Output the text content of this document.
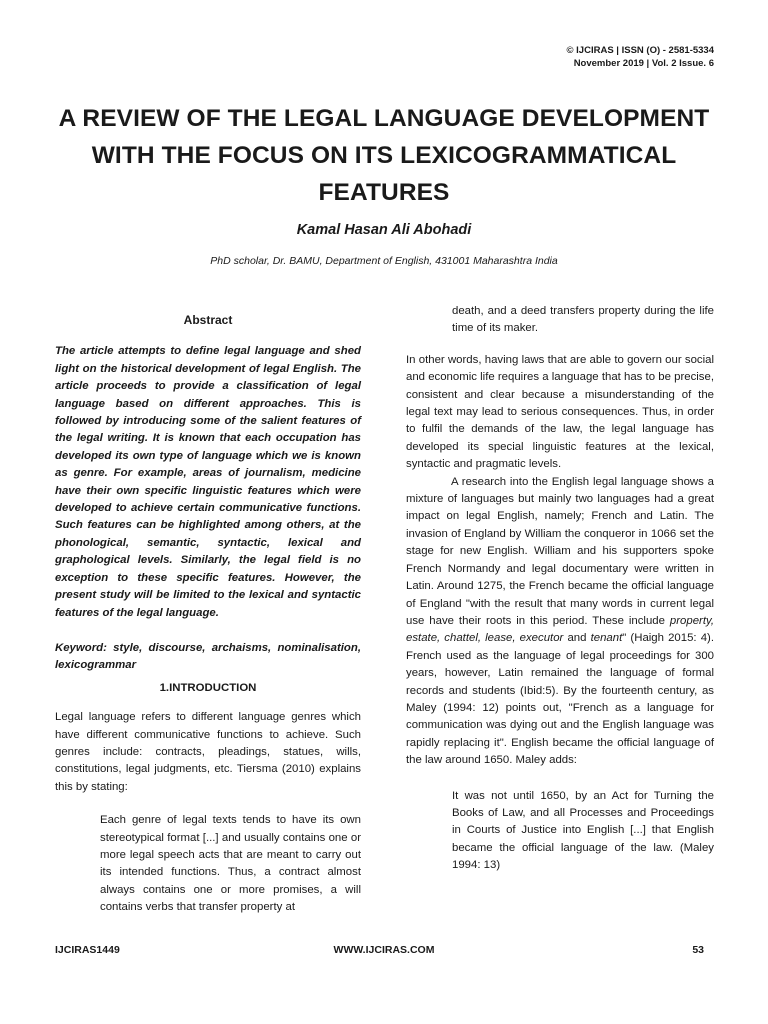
© IJCIRAS | ISSN (O) - 2581-5334
November 2019 | Vol. 2 Issue. 6
A REVIEW OF THE LEGAL LANGUAGE DEVELOPMENT WITH THE FOCUS ON ITS LEXICOGRAMMATICAL FEATURES
Kamal Hasan Ali Abohadi
PhD scholar, Dr. BAMU, Department of English, 431001 Maharashtra India

Abstract

The article attempts to define legal language and shed light on the historical development of legal English. The article proceeds to provide a classification of legal language based on different approaches. This is followed by introducing some of the salient features of the legal writing. It is known that each occupation has developed its own type of language which we is known as genre. For example, areas of journalism, medicine have their own specific linguistic features which were developed to achieve certain communicative functions. Such features can be highlighted among others, at the phonological, semantic, syntactic, lexical and graphological levels. Similarly, the legal field is no exception to these specific features. However, the present study will be limited to the lexical and syntactic features of the legal language.

Keyword: style, discourse, archaisms, nominalisation, lexicogrammar

1.INTRODUCTION

Legal language refers to different language genres which have different communicative functions to achieve. Such genres include: contracts, pleadings, statues, wills, constitutions, legal judgments, etc. Tiersma (2010) explains this by stating:

Each genre of legal texts tends to have its own stereotypical format [...] and usually contains one or more legal speech acts that are meant to carry out its intended functions. Thus, a contract almost always contains one or more promises, a will contains verbs that transfer property at

death, and a deed transfers property during the life time of its maker.

In other words, having laws that are able to govern our social and economic life requires a language that has to be precise, consistent and clear because a misunderstanding of the legal text may lead to serious consequences. Thus, in order to fulfil the demands of the law, the legal language has developed its special linguistic features at the lexical, syntactic and pragmatic levels.

A research into the English legal language shows a mixture of languages but mainly two languages had a great impact on legal English, namely; French and Latin. The invasion of England by William the conqueror in 1066 set the stage for new English. William and his supporters spoke French Normandy and legal documentary were written in Latin. Around 1275, the French became the official language of England "with the result that many words in current legal use have their roots in this period. These include property, estate, chattel, lease, executor and tenant" (Haigh 2015: 4). French used as the language of legal proceedings for 300 years, however, Latin remained the language of formal records and students (Ibid:5). By the fourteenth century, as Maley (1994: 12) points out, "French as a language for communication was dying out and the English language was rapidly replacing it". English became the official language of the law around 1650. Maley adds:

It was not until 1650, by an Act for Turning the Books of Law, and all Processes and Proceedings in Courts of Justice into English [...] that English became the official language of the law. (Maley 1994: 13)

IJCIRAS1449	WWW.IJCIRAS.COM	53
